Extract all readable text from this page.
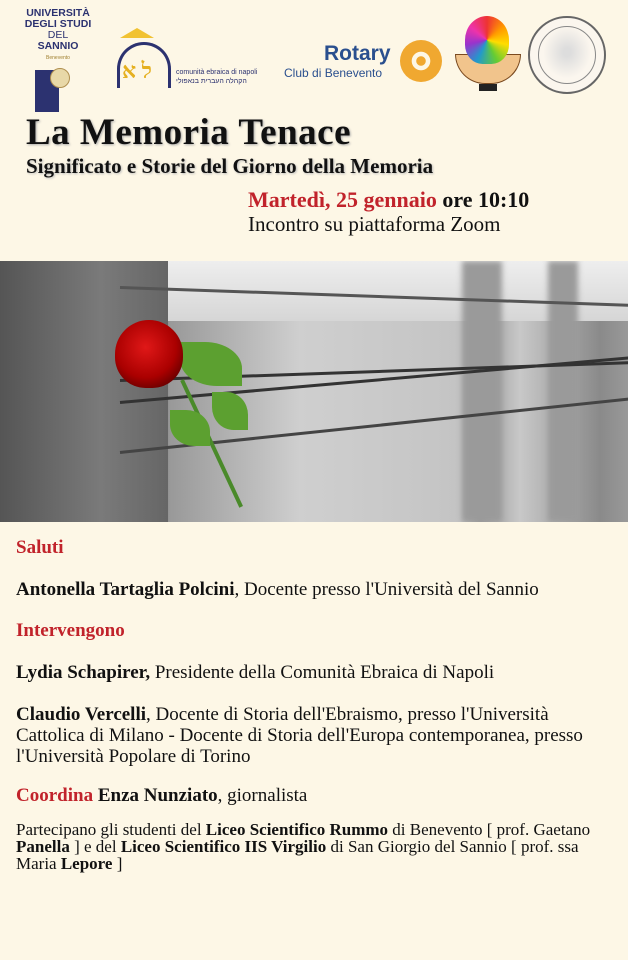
UNIVERSITÀ
DEGLI STUDI
DEL
SANNIO
Benevento	ל א	comunità ebraica di napoli
הקהלה העברית בנאפולי
Rotary
Club di Benevento
La Memoria Tenace
Significato e Storie del Giorno della Memoria
Martedì, 25 gennaio ore 10:10
Incontro su piattaforma Zoom

Saluti

Antonella Tartaglia Polcini, Docente presso l'Università del Sannio

Intervengono

Lydia Schapirer, Presidente della Comunità Ebraica di Napoli

Claudio Vercelli, Docente di Storia dell'Ebraismo, presso l'Università Cattolica di Milano - Docente di Storia dell'Europa contemporanea, presso l'Università Popolare di Torino

Coordina Enza Nunziato, giornalista

Partecipano gli studenti del Liceo Scientifico Rummo di Benevento [ prof. Gaetano Panella ] e del Liceo Scientifico IIS Virgilio di San Giorgio del Sannio [ prof. ssa Maria Lepore ]
